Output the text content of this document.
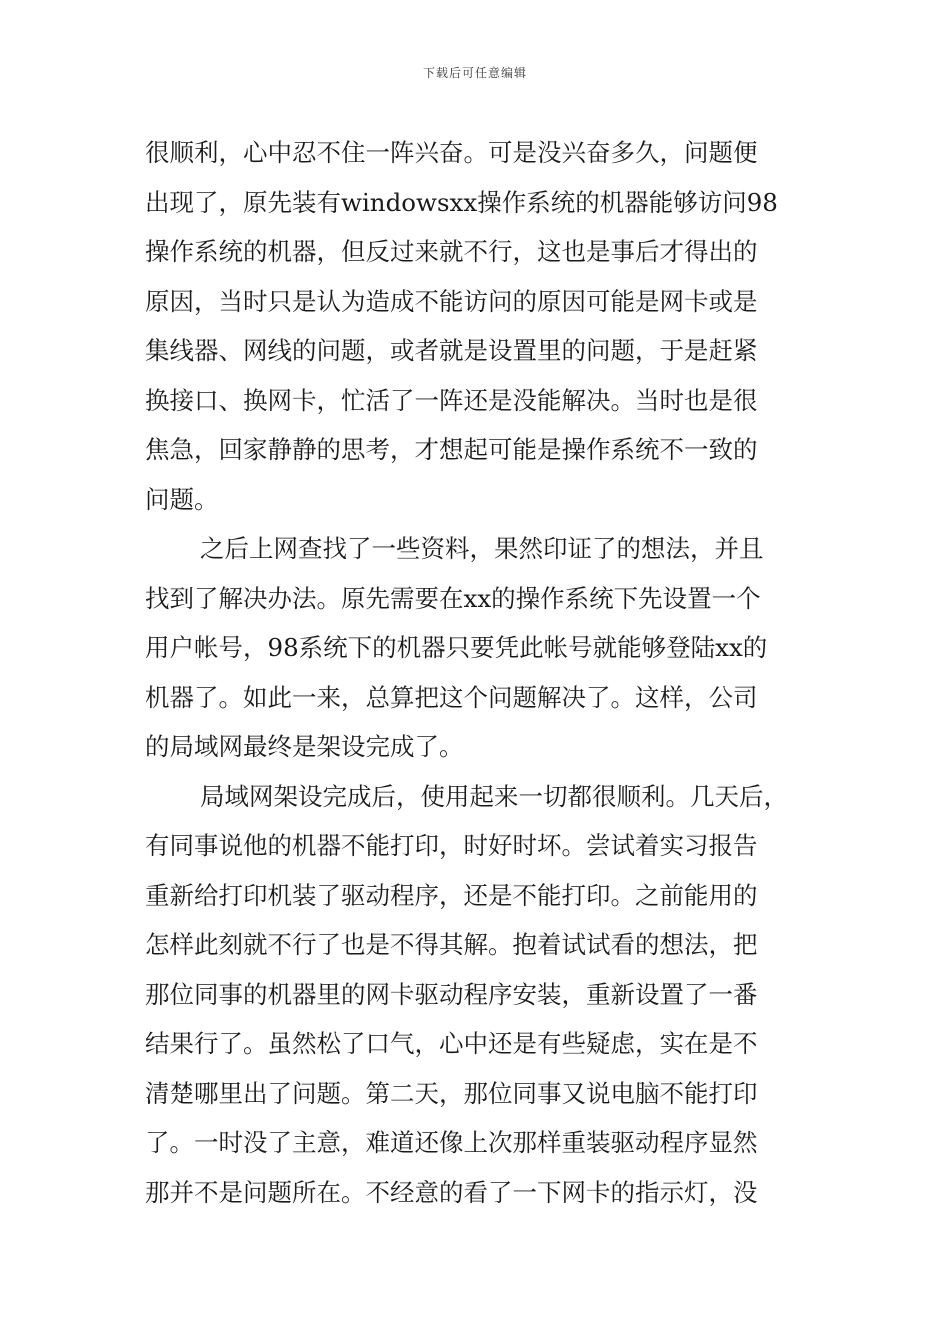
下载后可任意编辑
很顺利，心中忍不住一阵兴奋。可是没兴奋多久，问题便
出现了，原先装有windowsxx操作系统的机器能够访问98
操作系统的机器，但反过来就不行，这也是事后才得出的
原因，当时只是认为造成不能访问的原因可能是网卡或是
集线器、网线的问题，或者就是设置里的问题，于是赶紧
换接口、换网卡，忙活了一阵还是没能解决。当时也是很
焦急，回家静静的思考，才想起可能是操作系统不一致的
问题。
之后上网查找了一些资料，果然印证了的想法，并且
找到了解决办法。原先需要在xx的操作系统下先设置一个
用户帐号，98系统下的机器只要凭此帐号就能够登陆xx的
机器了。如此一来，总算把这个问题解决了。这样，公司
的局域网最终是架设完成了。
局域网架设完成后，使用起来一切都很顺利。几天后，
有同事说他的机器不能打印，时好时坏。尝试着实习报告
重新给打印机装了驱动程序，还是不能打印。之前能用的
怎样此刻就不行了也是不得其解。抱着试试看的想法，把
那位同事的机器里的网卡驱动程序安装，重新设置了一番
结果行了。虽然松了口气，心中还是有些疑虑，实在是不
清楚哪里出了问题。第二天，那位同事又说电脑不能打印
了。一时没了主意，难道还像上次那样重装驱动程序显然
那并不是问题所在。不经意的看了一下网卡的指示灯，没
